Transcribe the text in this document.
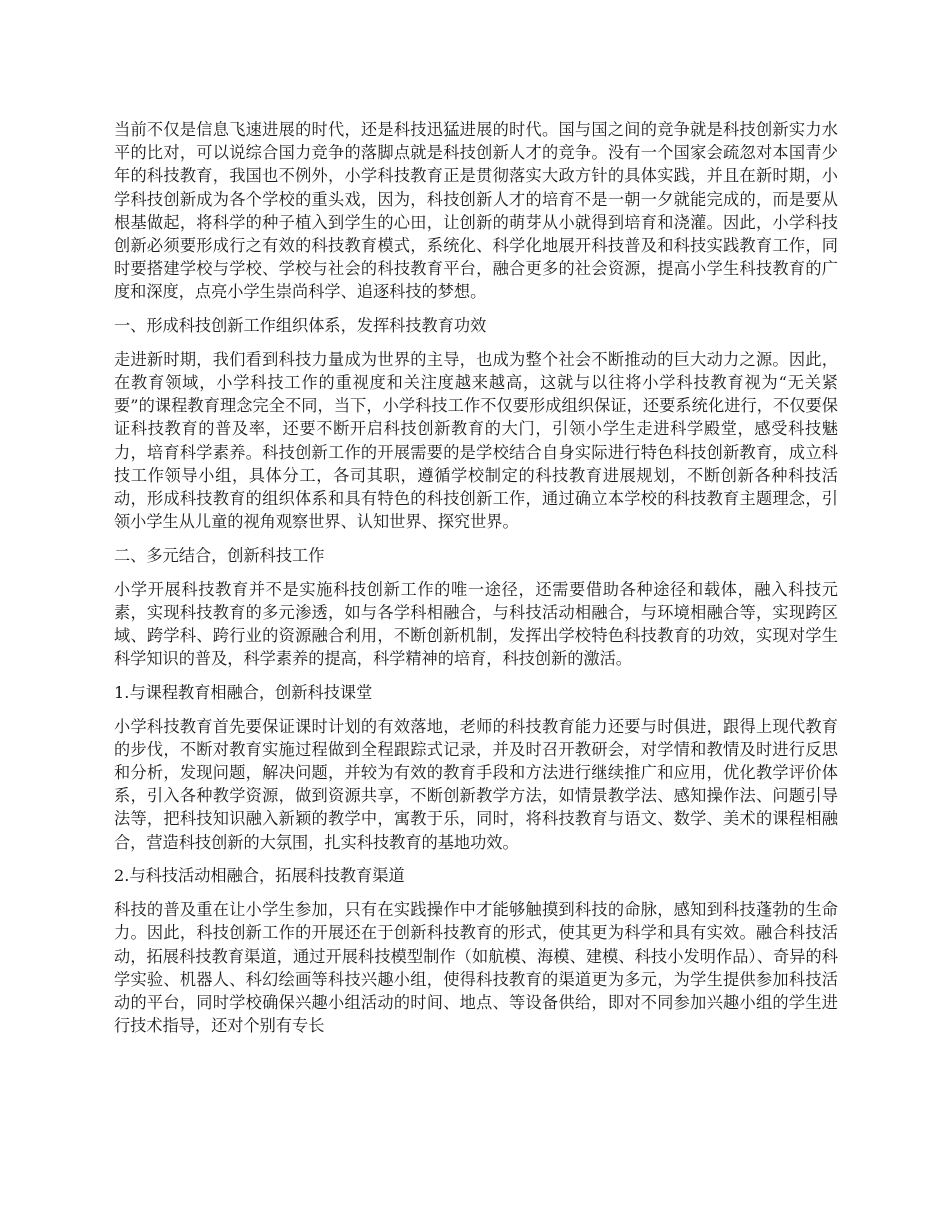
当前不仅是信息飞速进展的时代，还是科技迅猛进展的时代。国与国之间的竞争就是科技创新实力水平的比对，可以说综合国力竞争的落脚点就是科技创新人才的竞争。没有一个国家会疏忽对本国青少年的科技教育，我国也不例外，小学科技教育正是贯彻落实大政方针的具体实践，并且在新时期，小学科技创新成为各个学校的重头戏，因为，科技创新人才的培育不是一朝一夕就能完成的，而是要从根基做起，将科学的种子植入到学生的心田，让创新的萌芽从小就得到培育和浇灌。因此，小学科技创新必须要形成行之有效的科技教育模式，系统化、科学化地展开科技普及和科技实践教育工作，同时要搭建学校与学校、学校与社会的科技教育平台，融合更多的社会资源，提高小学生科技教育的广度和深度，点亮小学生崇尚科学、追逐科技的梦想。

一、形成科技创新工作组织体系，发挥科技教育功效

走进新时期，我们看到科技力量成为世界的主导，也成为整个社会不断推动的巨大动力之源。因此，在教育领域，小学科技工作的重视度和关注度越来越高，这就与以往将小学科技教育视为“无关紧要”的课程教育理念完全不同，当下，小学科技工作不仅要形成组织保证，还要系统化进行，不仅要保证科技教育的普及率，还要不断开启科技创新教育的大门，引领小学生走进科学殿堂，感受科技魅力，培育科学素养。科技创新工作的开展需要的是学校结合自身实际进行特色科技创新教育，成立科技工作领导小组，具体分工，各司其职，遵循学校制定的科技教育进展规划，不断创新各种科技活动，形成科技教育的组织体系和具有特色的科技创新工作，通过确立本学校的科技教育主题理念，引领小学生从儿童的视角观察世界、认知世界、探究世界。

二、多元结合，创新科技工作

小学开展科技教育并不是实施科技创新工作的唯一途径，还需要借助各种途径和载体，融入科技元素，实现科技教育的多元渗透，如与各学科相融合，与科技活动相融合，与环境相融合等，实现跨区域、跨学科、跨行业的资源融合利用，不断创新机制，发挥出学校特色科技教育的功效，实现对学生科学知识的普及，科学素养的提高，科学精神的培育，科技创新的激活。

1.与课程教育相融合，创新科技课堂

小学科技教育首先要保证课时计划的有效落地，老师的科技教育能力还要与时俱进，跟得上现代教育的步伐，不断对教育实施过程做到全程跟踪式记录，并及时召开教研会，对学情和教情及时进行反思和分析，发现问题，解决问题，并较为有效的教育手段和方法进行继续推广和应用，优化教学评价体系，引入各种教学资源，做到资源共享，不断创新教学方法，如情景教学法、感知操作法、问题引导法等，把科技知识融入新颖的教学中，寓教于乐，同时，将科技教育与语文、数学、美术的课程相融合，营造科技创新的大氛围，扎实科技教育的基地功效。

2.与科技活动相融合，拓展科技教育渠道

科技的普及重在让小学生参加，只有在实践操作中才能够触摸到科技的命脉，感知到科技蓬勃的生命力。因此，科技创新工作的开展还在于创新科技教育的形式，使其更为科学和具有实效。融合科技活动，拓展科技教育渠道，通过开展科技模型制作（如航模、海模、建模、科技小发明作品）、奇异的科学实验、机器人、科幻绘画等科技兴趣小组，使得科技教育的渠道更为多元，为学生提供参加科技活动的平台，同时学校确保兴趣小组活动的时间、地点、等设备供给，即对不同参加兴趣小组的学生进行技术指导，还对个别有专长
